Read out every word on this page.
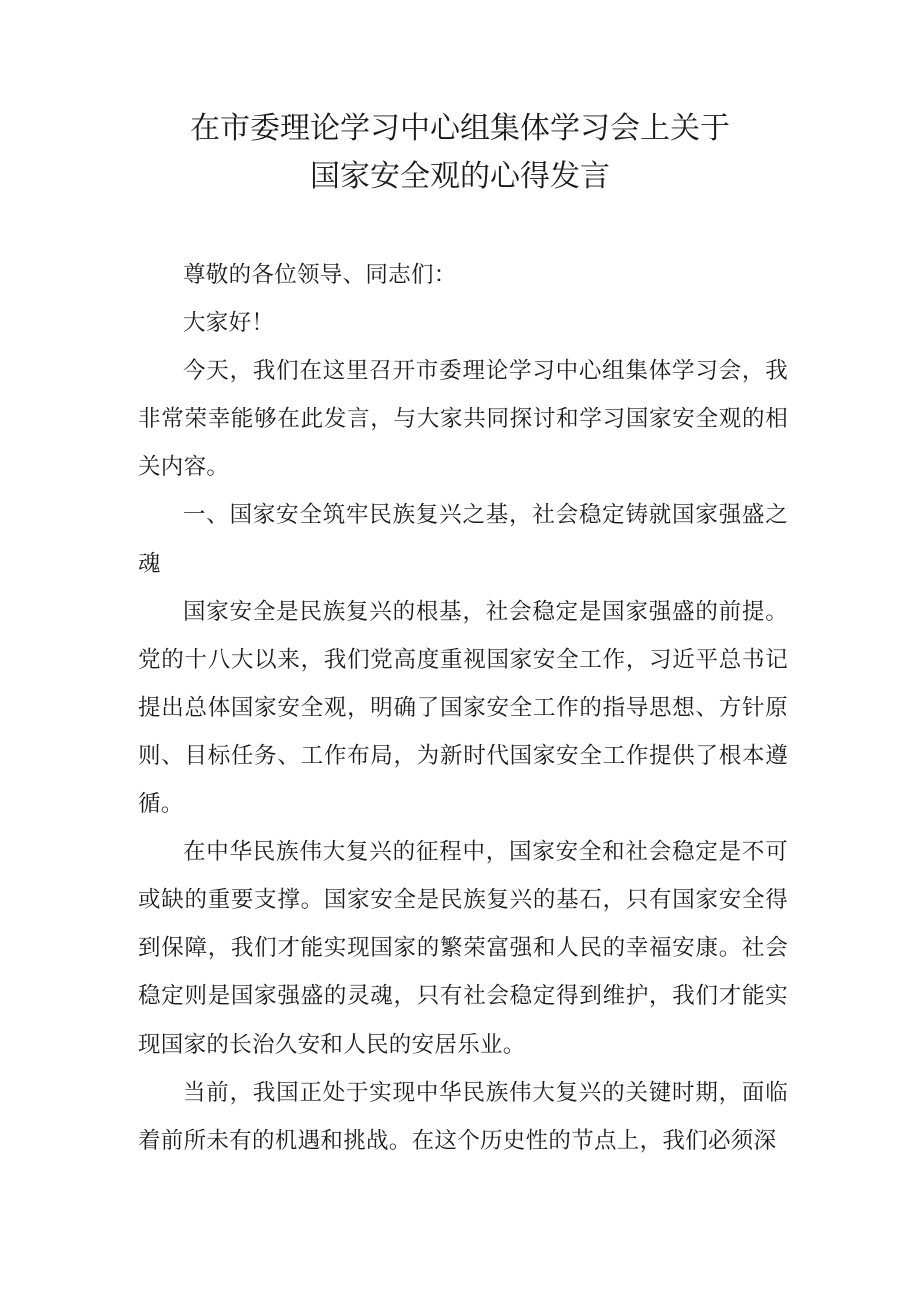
在市委理论学习中心组集体学习会上关于
国家安全观的心得发言

尊敬的各位领导、同志们：

大家好！

今天，我们在这里召开市委理论学习中心组集体学习会，我非常荣幸能够在此发言，与大家共同探讨和学习国家安全观的相关内容。

一、国家安全筑牢民族复兴之基，社会稳定铸就国家强盛之魂

国家安全是民族复兴的根基，社会稳定是国家强盛的前提。党的十八大以来，我们党高度重视国家安全工作，习近平总书记提出总体国家安全观，明确了国家安全工作的指导思想、方针原则、目标任务、工作布局，为新时代国家安全工作提供了根本遵循。

在中华民族伟大复兴的征程中，国家安全和社会稳定是不可或缺的重要支撑。国家安全是民族复兴的基石，只有国家安全得到保障，我们才能实现国家的繁荣富强和人民的幸福安康。社会稳定则是国家强盛的灵魂，只有社会稳定得到维护，我们才能实现国家的长治久安和人民的安居乐业。

当前，我国正处于实现中华民族伟大复兴的关键时期，面临着前所未有的机遇和挑战。在这个历史性的节点上，我们必须深
